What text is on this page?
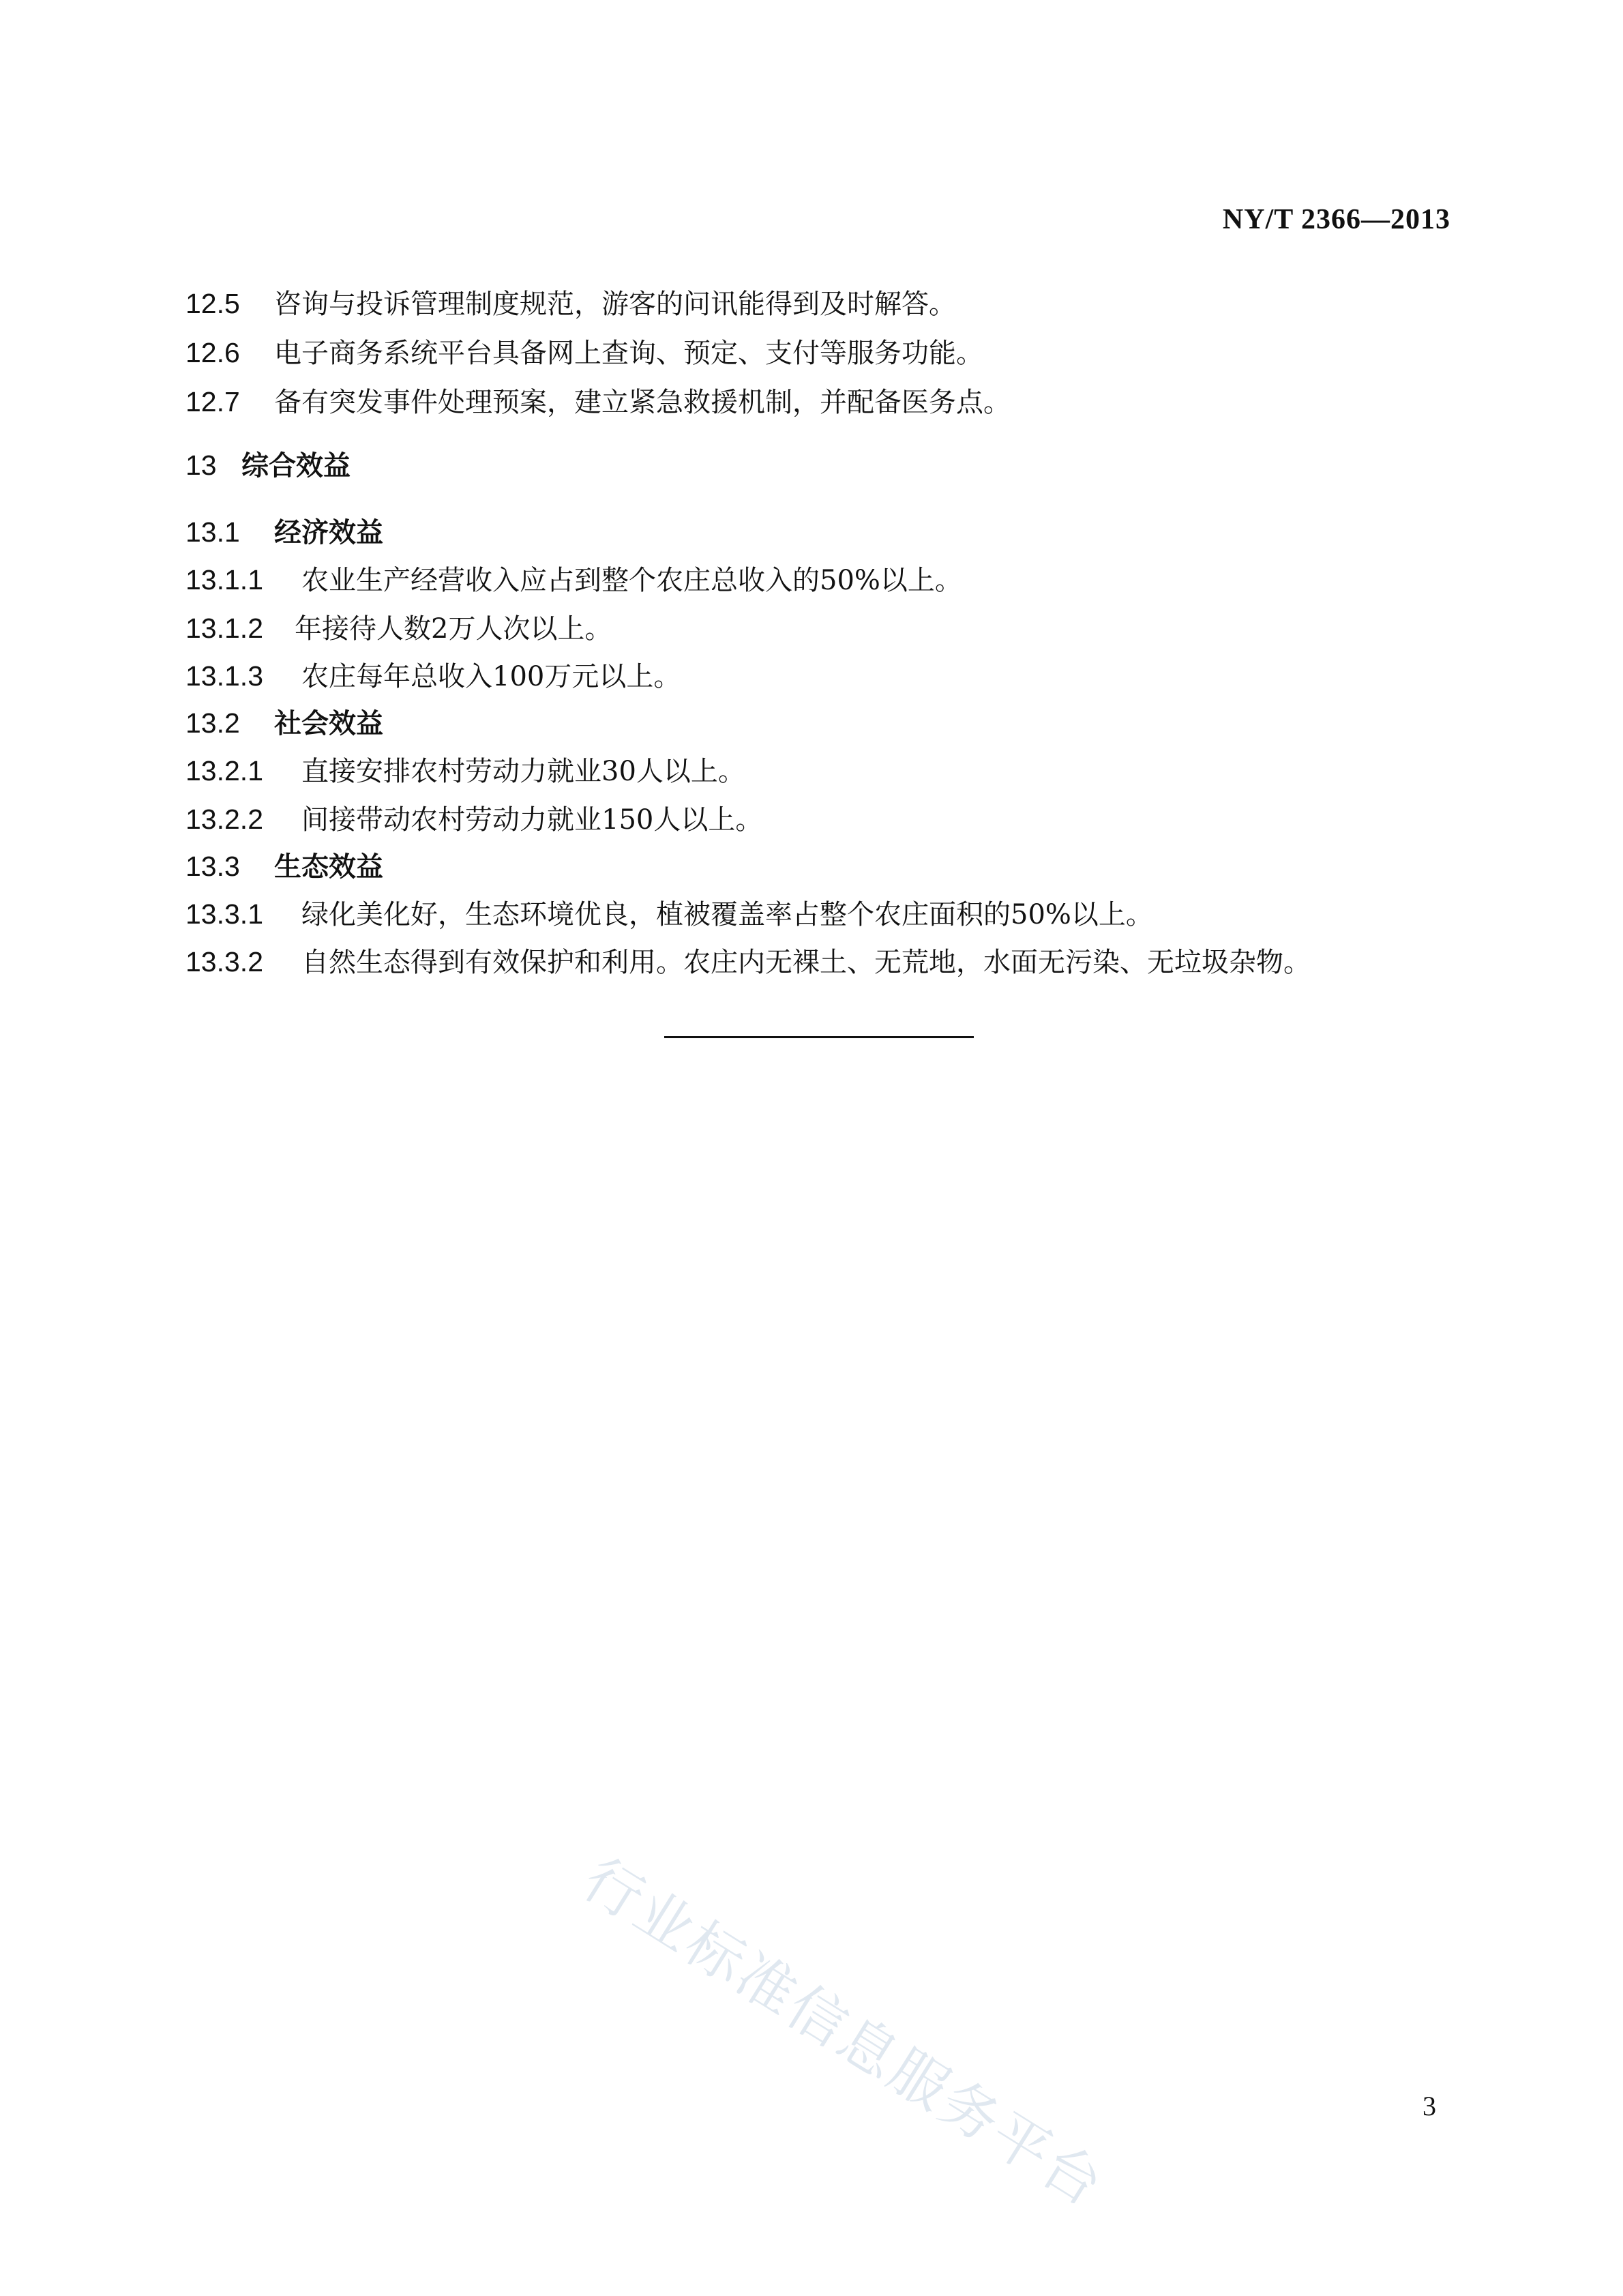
NY/T 2366—2013
12.5 咨询与投诉管理制度规范，游客的问讯能得到及时解答。
12.6 电子商务系统平台具备网上查询、预定、支付等服务功能。
12.7 备有突发事件处理预案，建立紧急救援机制，并配备医务点。
13 综合效益
13.1 经济效益
13.1.1 农业生产经营收入应占到整个农庄总收入的50%以上。
13.1.2 年接待人数2万人次以上。
13.1.3 农庄每年总收入100万元以上。
13.2 社会效益
13.2.1 直接安排农村劳动力就业30人以上。
13.2.2 间接带动农村劳动力就业150人以上。
13.3 生态效益
13.3.1 绿化美化好，生态环境优良，植被覆盖率占整个农庄面积的50%以上。
13.3.2 自然生态得到有效保护和利用。农庄内无裸土、无荒地，水面无污染、无垃圾杂物。
行业标准信息服务平台	3
